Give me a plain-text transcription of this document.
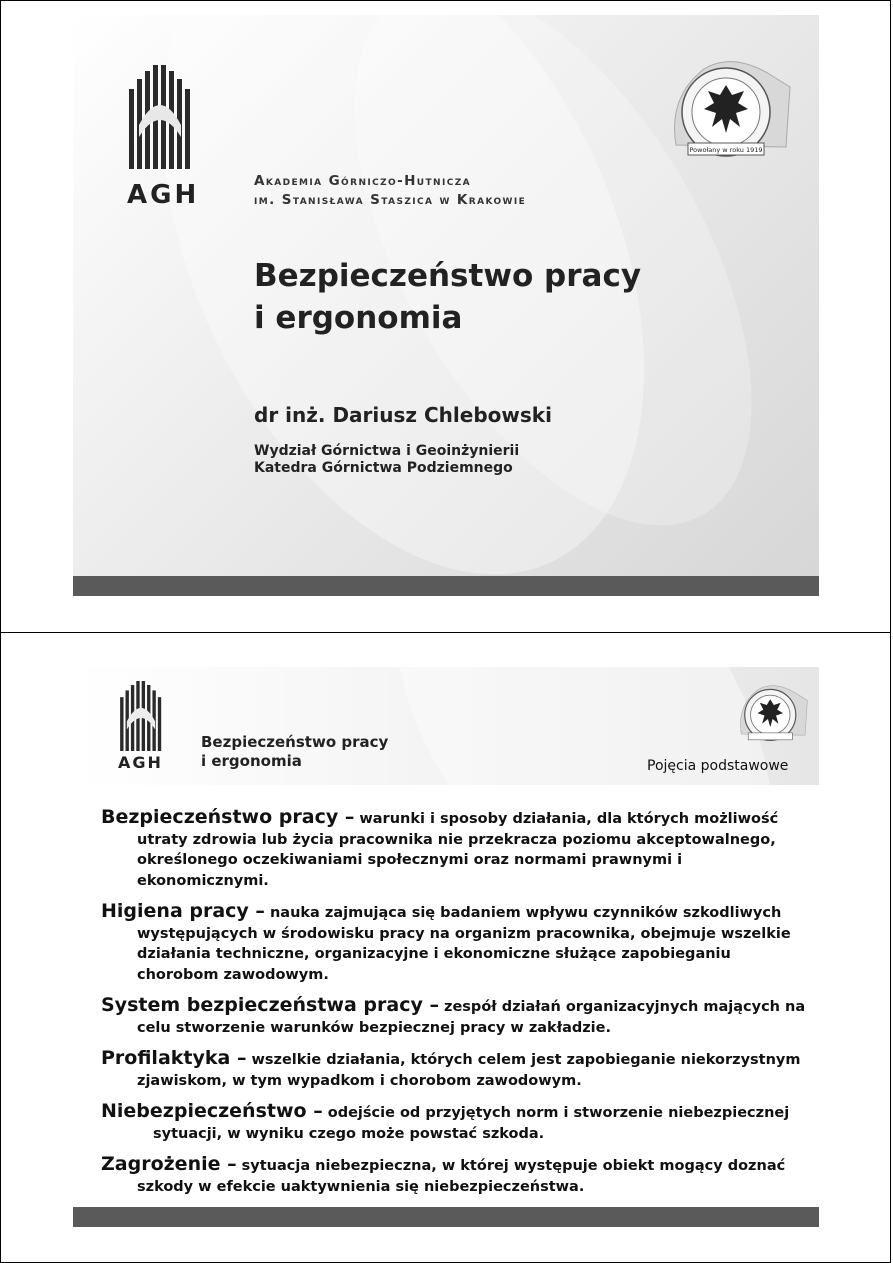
AGH	Akademia Górniczo-Hutnicza
im. Stanisława Staszica w Krakowie
Powołany w roku 1919
Bezpieczeństwo pracy
i ergonomia
dr inż. Dariusz Chlebowski
Wydział Górnictwa i Geoinżynierii
Katedra Górnictwa Podziemnego
AGH
Bezpieczeństwo pracy
i ergonomia	Pojęcia podstawowe
Bezpieczeństwo pracy – warunki i sposoby działania, dla których możliwość utraty zdrowia lub życia pracownika nie przekracza poziomu akceptowalnego, określonego oczekiwaniami społecznymi oraz normami prawnymi i ekonomicznymi.
Higiena pracy – nauka zajmująca się badaniem wpływu czynników szkodliwych występujących w środowisku pracy na organizm pracownika, obejmuje wszelkie działania techniczne, organizacyjne i ekonomiczne służące zapobieganiu chorobom zawodowym.
System bezpieczeństwa pracy – zespół działań organizacyjnych mających na celu stworzenie warunków bezpiecznej pracy w zakładzie.
Profilaktyka – wszelkie działania, których celem jest zapobieganie niekorzystnym zjawiskom, w tym wypadkom i chorobom zawodowym.
Niebezpieczeństwo – odejście od przyjętych norm i stworzenie niebezpiecznej sytuacji, w wyniku czego może powstać szkoda.
Zagrożenie – sytuacja niebezpieczna, w której występuje obiekt mogący doznać szkody w efekcie uaktywnienia się niebezpieczeństwa.
